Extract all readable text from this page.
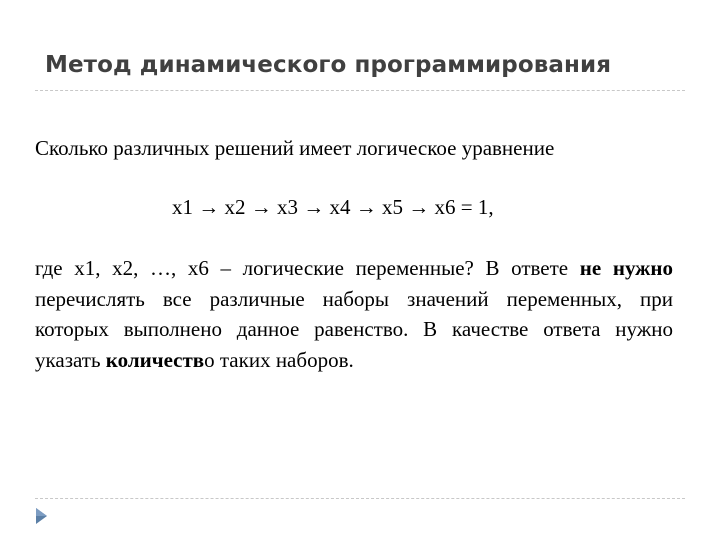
Метод динамического программирования
Сколько различных решений имеет логическое уравнение
x1 → x2 → x3 → x4 → x5 → x6 = 1,

где x1, x2, …, x6 – логические переменные? В ответе не нужно перечислять все различные наборы значений переменных, при которых выполнено данное равенство. В качестве ответа нужно указать количество таких наборов.
